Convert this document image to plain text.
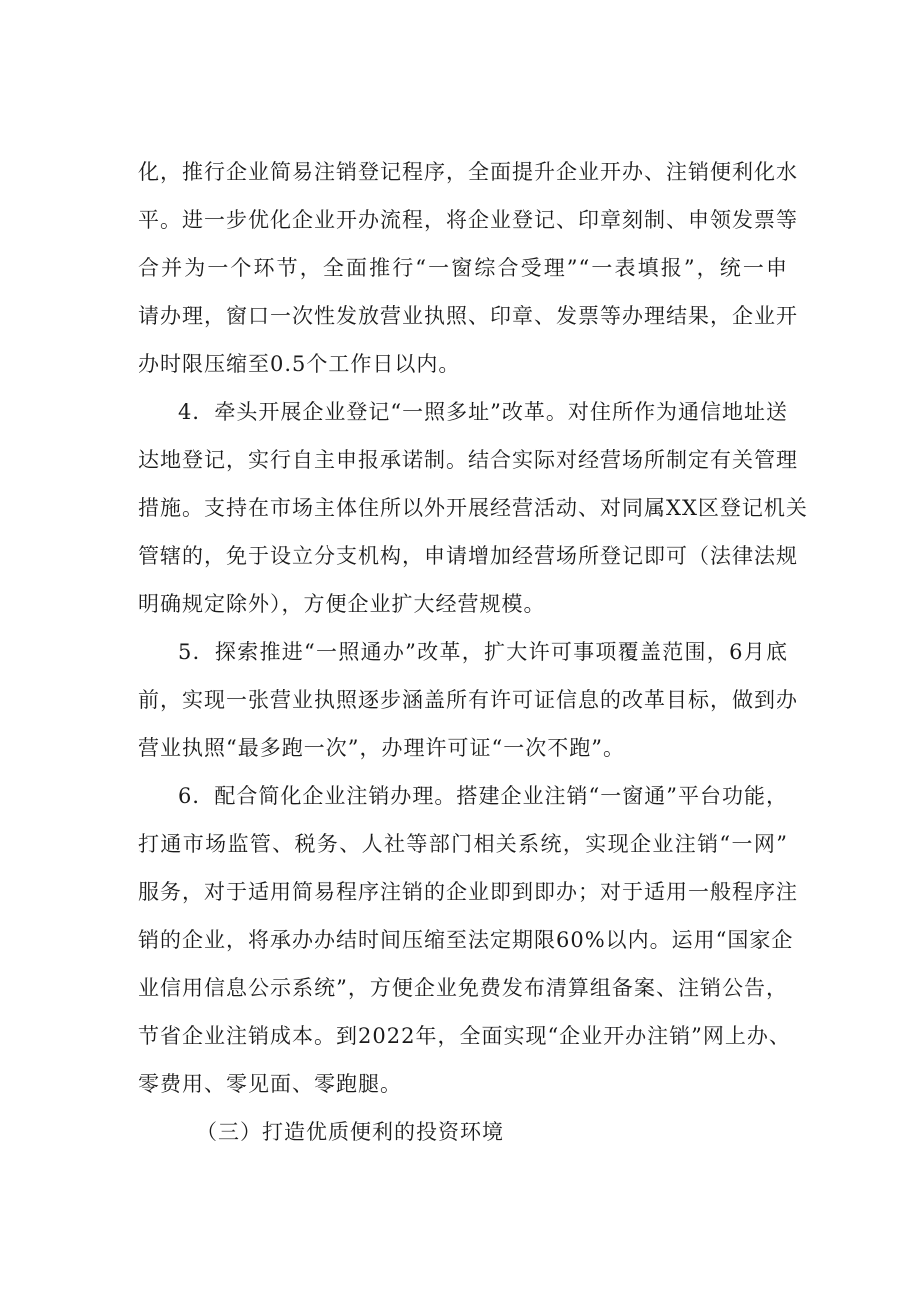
化，推行企业简易注销登记程序，全面提升企业开办、注销便利化水
平。进一步优化企业开办流程，将企业登记、印章刻制、申领发票等
合并为一个环节，全面推行“一窗综合受理”“一表填报”，统一申
请办理，窗口一次性发放营业执照、印章、发票等办理结果，企业开
办时限压缩至0.5个工作日以内。
4．牵头开展企业登记“一照多址”改革。对住所作为通信地址送
达地登记，实行自主申报承诺制。结合实际对经营场所制定有关管理
措施。支持在市场主体住所以外开展经营活动、对同属XX区登记机关
管辖的，免于设立分支机构，申请增加经营场所登记即可（法律法规
明确规定除外），方便企业扩大经营规模。
5．探索推进“一照通办”改革，扩大许可事项覆盖范围，6月底
前，实现一张营业执照逐步涵盖所有许可证信息的改革目标，做到办
营业执照“最多跑一次”，办理许可证“一次不跑”。
6．配合简化企业注销办理。搭建企业注销“一窗通”平台功能，
打通市场监管、税务、人社等部门相关系统，实现企业注销“一网”
服务，对于适用简易程序注销的企业即到即办；对于适用一般程序注
销的企业，将承办办结时间压缩至法定期限60%以内。运用“国家企
业信用信息公示系统”，方便企业免费发布清算组备案、注销公告，
节省企业注销成本。到2022年，全面实现“企业开办注销”网上办、
零费用、零见面、零跑腿。
（三）打造优质便利的投资环境
